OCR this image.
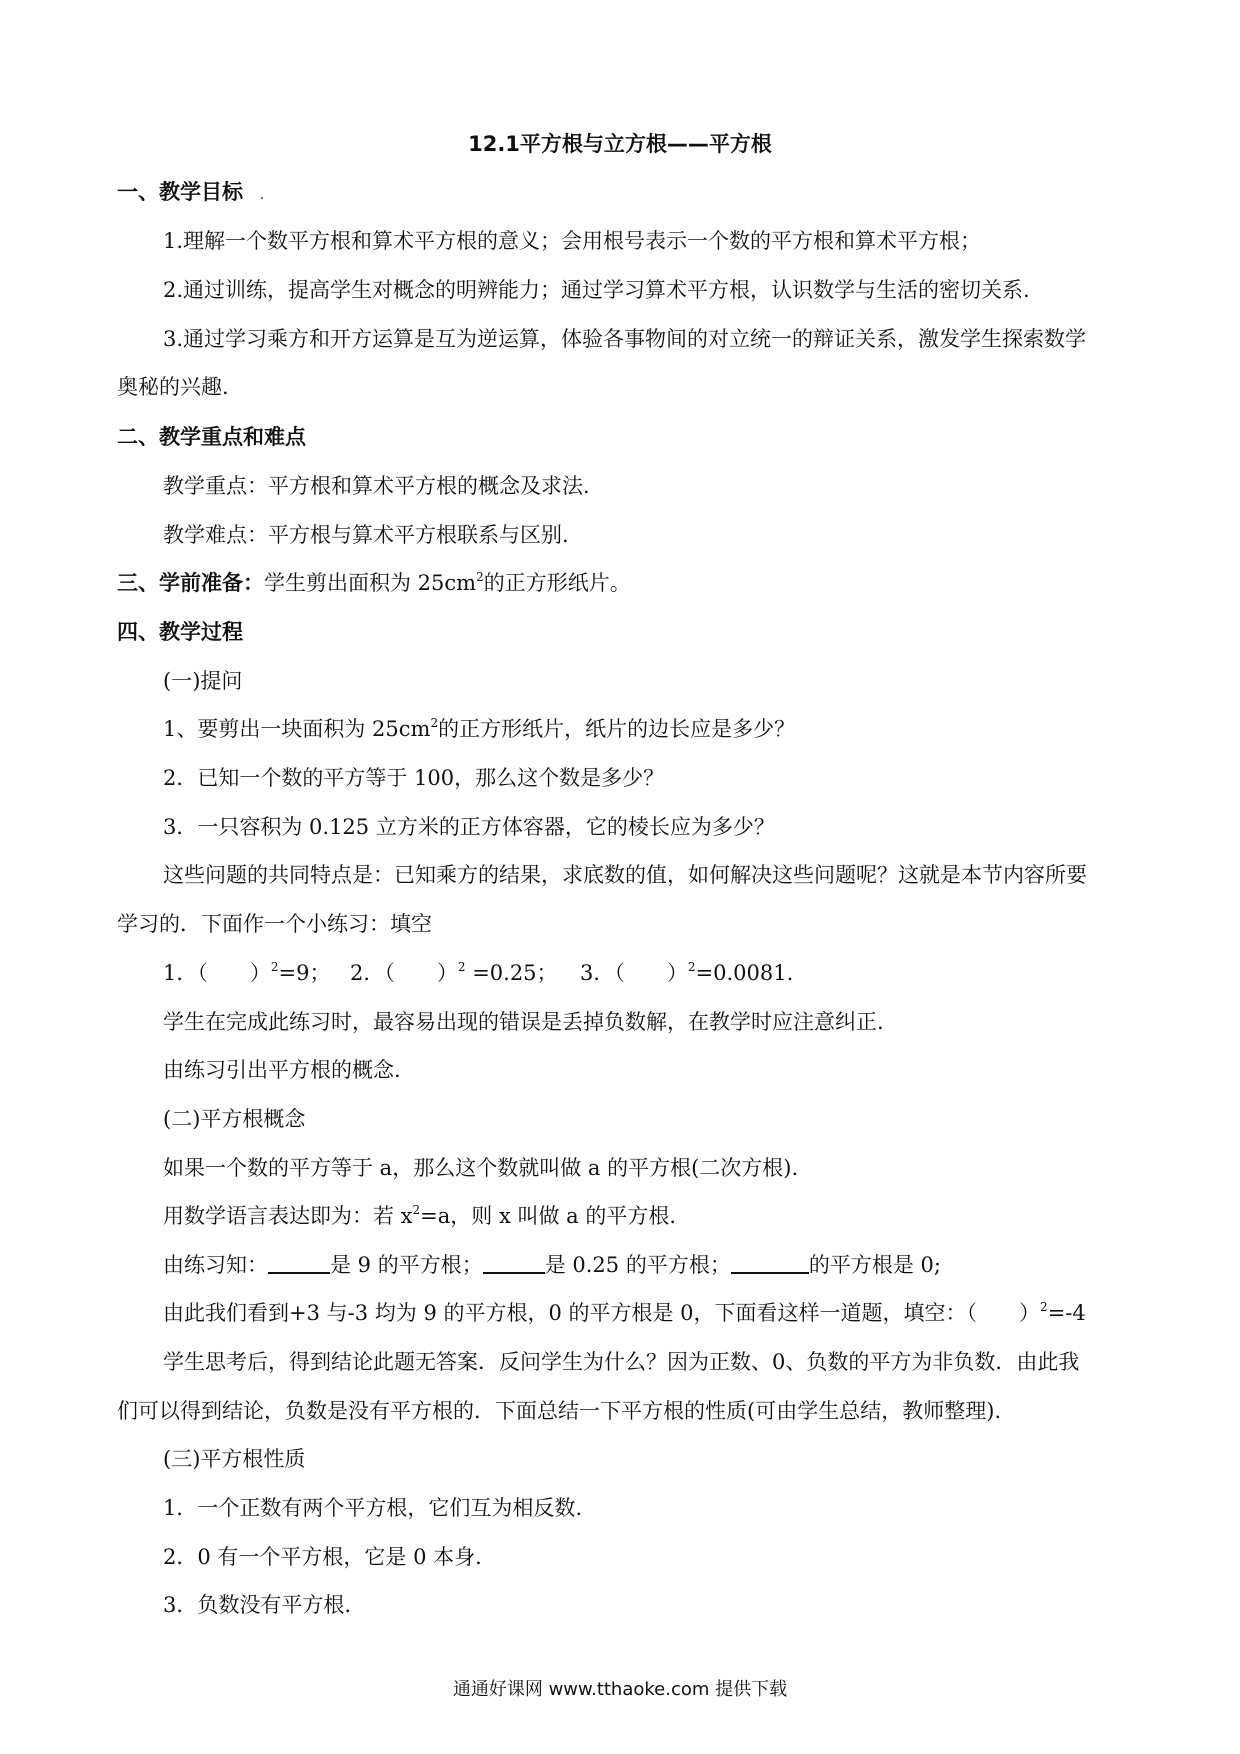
12.1平方根与立方根——平方根
一、教学目标
1.理解一个数平方根和算术平方根的意义；会用根号表示一个数的平方根和算术平方根；
2.通过训练，提高学生对概念的明辨能力；通过学习算术平方根，认识数学与生活的密切关系.
3.通过学习乘方和开方运算是互为逆运算，体验各事物间的对立统一的辩证关系，激发学生探索数学
奥秘的兴趣.
二、教学重点和难点
教学重点：平方根和算术平方根的概念及求法.
教学难点：平方根与算术平方根联系与区别.
三、学前准备：学生剪出面积为 $25cm^2$的正方形纸片。
四、教学过程
(一)提问
1、要剪出一块面积为 $25cm^2$的正方形纸片，纸片的边长应是多少？
2．已知一个数的平方等于 100，那么这个数是多少？
3．一只容积为 0.125 立方米的正方体容器，它的棱长应为多少？
这些问题的共同特点是：已知乘方的结果，求底数的值，如何解决这些问题呢？这就是本节内容所要
学习的．下面作一个小练习：填空
1．（　　）$^2$=9； 2．（　　）$^2$ =0.25； 3．（　　）$^2$=0.0081.
学生在完成此练习时，最容易出现的错误是丢掉负数解，在教学时应注意纠正.
由练习引出平方根的概念.
(二)平方根概念
如果一个数的平方等于 a，那么这个数就叫做 a 的平方根(二次方根).
用数学语言表达即为：若 $x^2=a$，则 x 叫做 a 的平方根.
由练习知：	是 9 的平方根；	是 0.25 的平方根；	的平方根是 0;
由此我们看到+3 与-3 均为 9 的平方根，0 的平方根是 0，下面看这样一道题，填空：（　　）$^2$=-4
学生思考后，得到结论此题无答案．反问学生为什么？因为正数、0、负数的平方为非负数．由此我
们可以得到结论，负数是没有平方根的．下面总结一下平方根的性质(可由学生总结，教师整理).
(三)平方根性质
1．一个正数有两个平方根，它们互为相反数.
2．0 有一个平方根，它是 0 本身.
3．负数没有平方根.
通通好课网 www.tthaoke.com 提供下载
